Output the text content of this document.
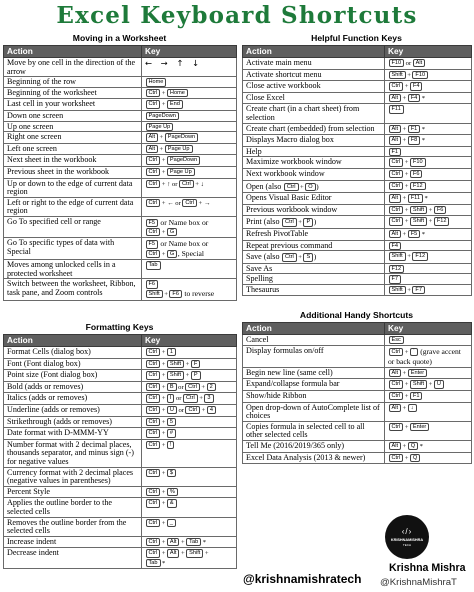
Excel Keyboard Shortcuts
Moving in a Worksheet
Action	Key
Move by one cell in the direction of the arrow	← → ↑ ↓
Beginning of the row	Home
Beginning of the worksheet	Ctrl + Home
Last cell in your worksheet	Ctrl + End
Down one screen	PageDown
Up one screen	Page Up
Right one screen	Alt + PageDown
Left one screen	Alt + Page Up
Next sheet in the workbook	Ctrl + PageDown
Previous sheet in the workbook	Ctrl + Page Up
Up or down to the edge of current data region	Ctrl + ↑ or Ctrl + ↓
Left or right to the edge of current data region	Ctrl + ← or Ctrl + →
Go To specified cell or range	F5 or Name box or
Ctrl + G
Go To specific types of data with Special	F5 or Name box or
Ctrl + G , Special
Moves among unlocked cells in a protected worksheet	Tab
Switch between the worksheet, Ribbon, task pane, and Zoom controls	F6
Shift + F6 to reverse
Formatting Keys
Action	Key
Format Cells (dialog box)	Ctrl + 1
Font (Font dialog box)	Ctrl + Shift + F
Point size (Font dialog box)	Ctrl + Shift + P
Bold (adds or removes)	Ctrl + B or Ctrl + 2
Italics (adds or removes)	Ctrl + I or Ctrl + 3
Underline (adds or removes)	Ctrl + U or Ctrl + 4
Strikethrough (adds or removes)	Ctrl + 5
Date format with D-MMM-YY	Ctrl + #
Number format with 2 decimal places, thousands separator, and minus sign (-) for negative values	Ctrl + !
Currency format with 2 decimal places (negative values in parentheses)	Ctrl + $
Percent Style	Ctrl + %
Applies the outline border to the selected cells	Ctrl + &
Removes the outline border from the selected cells	Ctrl + _
Increase indent	Ctrl + Alt + Tab *
Decrease indent	Ctrl + Alt + Shift +
Tab *
Helpful Function Keys
Action	Key
Activate main menu	F10 or Alt
Activate shortcut menu	Shift + F10
Close active workbook	Ctrl + F4
Close Excel	Alt + F4 *
Create chart (in a chart sheet) from selection	F11
Create chart (embedded) from selection	Alt + F1 *
Displays Macro dialog box	Alt + F8 *
Help	F1
Maximize workbook window	Ctrl + F10
Next workbook window	Ctrl + F6
Open (also Ctrl + O )	Ctrl + F12
Opens Visual Basic Editor	Alt + F11 *
Previous workbook window	Ctrl + Shift + F6
Print (also Ctrl + P )	Ctrl + Shift + F12
Refresh PivotTable	Alt + F5 *
Repeat previous command	F4
Save (also Ctrl + S )	Shift + F12
Save As	F12
Spelling	F7
Thesaurus	Shift + F7
Additional Handy Shortcuts
Action	Key
Cancel	Esc
Display formulas on/off	Ctrl + ` (grave accent or back quote)
Begin new line (same cell)	Alt + Enter
Expand/collapse formula bar	Ctrl + Shift + U
Show/hide Ribbon	Ctrl + F1
Open drop-down of AutoComplete list of choices	Alt + ↓
Copies formula in selected cell to all other selected cells	Ctrl + Enter
Tell Me (2016/2019/365 only)	Alt + Q *
Excel Data Analysis (2013 & newer)	Ctrl + Q
‹/›
KRISHNAMISHRA
TECH
@krishnamishratech
Krishna Mishra
@KrishnaMishraT
